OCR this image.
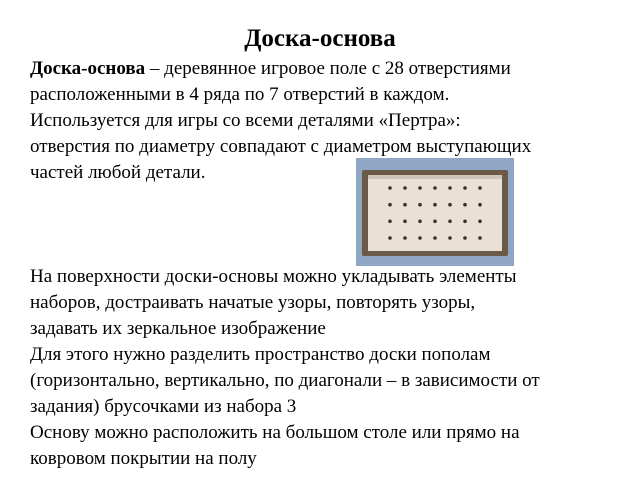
Доска-основа

Доска-основа – деревянное игровое поле с 28 отверстиями
расположенными в 4 ряда по 7 отверстий в каждом.
Используется для игры со всеми деталями «Пертра»:
отверстия по диаметру совпадают с диаметром выступающих
частей любой детали.

На поверхности доски-основы можно укладывать элементы
наборов, достраивать начатые узоры, повторять узоры,
задавать их зеркальное изображение
Для этого нужно разделить пространство доски пополам
(горизонтально, вертикально, по диагонали – в зависимости от
задания) брусочками из набора 3
Основу можно расположить на большом столе или прямо на
ковровом покрытии на полу
